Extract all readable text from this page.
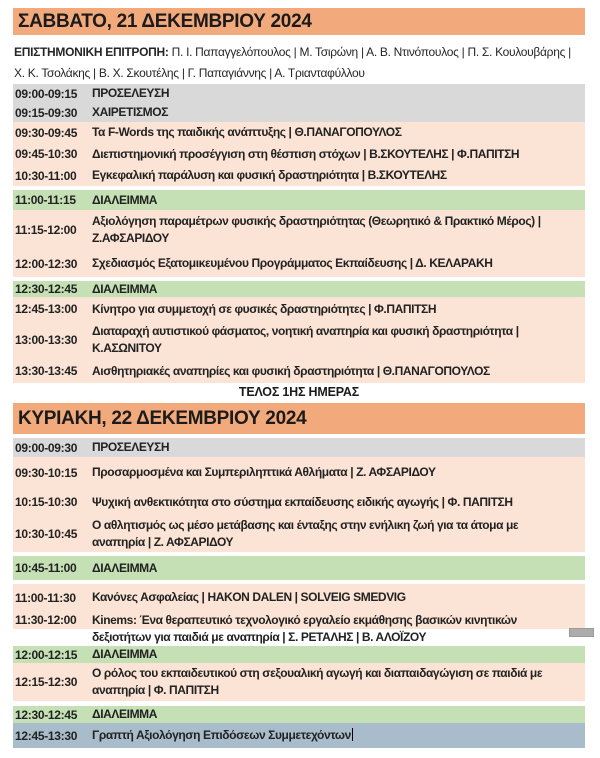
ΣΑΒΒΑΤΟ, 21 ΔΕΚΕΜΒΡΙΟΥ 2024
ΕΠΙΣΤΗΜΟΝΙΚΗ ΕΠΙΤΡΟΠΗ: Π. Ι. Παπαγγελόπουλος | Μ. Τσιρώνη | Α. Β. Ντινόπουλος | Π. Σ. Κουλουβάρης |
Χ. Κ. Τσολάκης | Β. Χ. Σκουτέλης | Γ. Παπαγιάννης | Α. Τριανταφύλλου
09:00-09:15	ΠΡΟΣΕΛΕΥΣΗ
09:15-09:30	ΧΑΙΡΕΤΙΣΜΟΣ
09:30-09:45	Τα F-Words της παιδικής ανάπτυξης | Θ.ΠΑΝΑΓΟΠΟΥΛΟΣ
09:45-10:30	Διεπιστημονική προσέγγιση στη θέσπιση στόχων | Β.ΣΚΟΥΤΕΛΗΣ | Φ.ΠΑΠΙΤΣΗ
10:30-11:00	Εγκεφαλική παράλυση και φυσική δραστηριότητα | Β.ΣΚΟΥΤΕΛΗΣ
11:00-11:15	ΔΙΑΛΕΙΜΜΑ
11:15-12:00
Αξιολόγηση παραμέτρων φυσικής δραστηριότητας (Θεωρητικό & Πρακτικό Μέρος) |
Ζ.ΑΦΣΑΡΙΔΟΥ
12:00-12:30	Σχεδιασμός Εξατομικευμένου Προγράμματος Εκπαίδευσης | Δ. ΚΕΛΑΡΑΚΗ
12:30-12:45	ΔΙΑΛΕΙΜΜΑ
12:45-13:00	Κίνητρο για συμμετοχή σε φυσικές δραστηριότητες | Φ.ΠΑΠΙΤΣΗ
13:00-13:30
Διαταραχή αυτιστικού φάσματος, νοητική αναπηρία και φυσική δραστηριότητα |
Κ.ΑΣΩΝΙΤΟΥ
13:30-13:45	Αισθητηριακές αναπηρίες και φυσική δραστηριότητα | Θ.ΠΑΝΑΓΟΠΟΥΛΟΣ
ΤΕΛΟΣ 1ΗΣ ΗΜΕΡΑΣ
ΚΥΡΙΑΚΗ, 22 ΔΕΚΕΜΒΡΙΟΥ 2024
09:00-09:30	ΠΡΟΣΕΛΕΥΣΗ
09:30-10:15	Προσαρμοσμένα και Συμπεριληπτικά Αθλήματα | Ζ. ΑΦΣΑΡΙΔΟΥ
10:15-10:30	Ψυχική ανθεκτικότητα στο σύστημα εκπαίδευσης ειδικής αγωγής | Φ. ΠΑΠΙΤΣΗ
10:30-10:45
Ο αθλητισμός ως μέσο μετάβασης και ένταξης στην ενήλικη ζωή για τα άτομα με
αναπηρία | Ζ. ΑΦΣΑΡΙΔΟΥ
10:45-11:00	ΔΙΑΛΕΙΜΜΑ
11:00-11:30	Κανόνες Ασφαλείας | HAKON DALEN | SOLVEIG SMEDVIG
11:30-12:00	Kinems: Ένα θεραπευτικό τεχνολογικό εργαλείο εκμάθησης βασικών κινητικών
δεξιοτήτων για παιδιά με αναπηρία | Σ. ΡΕΤΑΛΗΣ | Β. ΑΛΟΪΖΟΥ
12:00-12:15	ΔΙΑΛΕΙΜΜΑ
12:15-12:30
Ο ρόλος του εκπαιδευτικού στη σεξουαλική αγωγή και διαπαιδαγώγιση σε παιδιά με
αναπηρία | Φ. ΠΑΠΙΤΣΗ
12:30-12:45	ΔΙΑΛΕΙΜΜΑ
12:45-13:30	Γραπτή Αξιολόγηση Επιδόσεων Συμμετεχόντων
